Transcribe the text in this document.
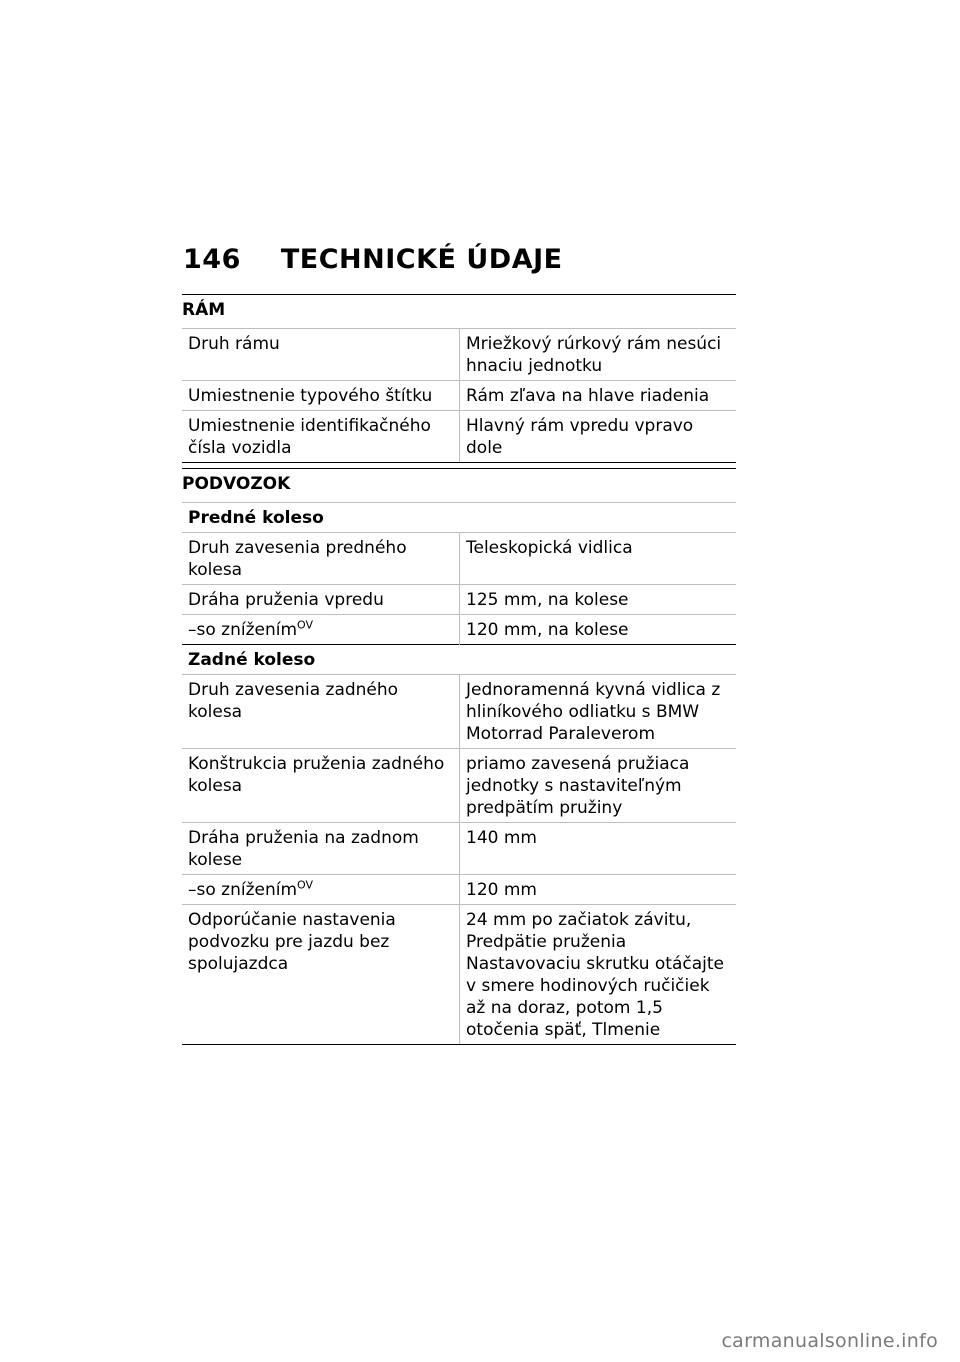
146 TECHNICKÉ ÚDAJE
RÁM
Druh rámu	Mriežkový rúrkový rám nesúci hnaciu jednotku
Umiestnenie typového štítku	Rám zľava na hlave riadenia
Umiestnenie identifikačného čísla vozidla	Hlavný rám vpredu vpravo dole
PODVOZOK
Predné koleso	
Druh zavesenia predného kolesa	Teleskopická vidlica
Dráha pruženia vpredu	125 mm, na kolese
–so znížením$^{OV}$	120 mm, na kolese
Zadné koleso	
Druh zavesenia zadného kolesa	Jednoramenná kyvná vidlica z hliníkového odliatku s BMW Motorrad Paraleverom
Konštrukcia pruženia zadného kolesa	priamo zavesená pružiaca jednotky s nastaviteľným predpätím pružiny
Dráha pruženia na zadnom kolese	140 mm
–so znížením$^{OV}$	120 mm
Odporúčanie nastavenia podvozku pre jazdu bez spolujazdca	24 mm po začiatok závitu, Predpätie pruženia Nastavovaciu skrutku otáčajte v smere hodinových ručičiek až na doraz, potom 1,5 otočenia späť, Tlmenie
carmanualsonline.info
